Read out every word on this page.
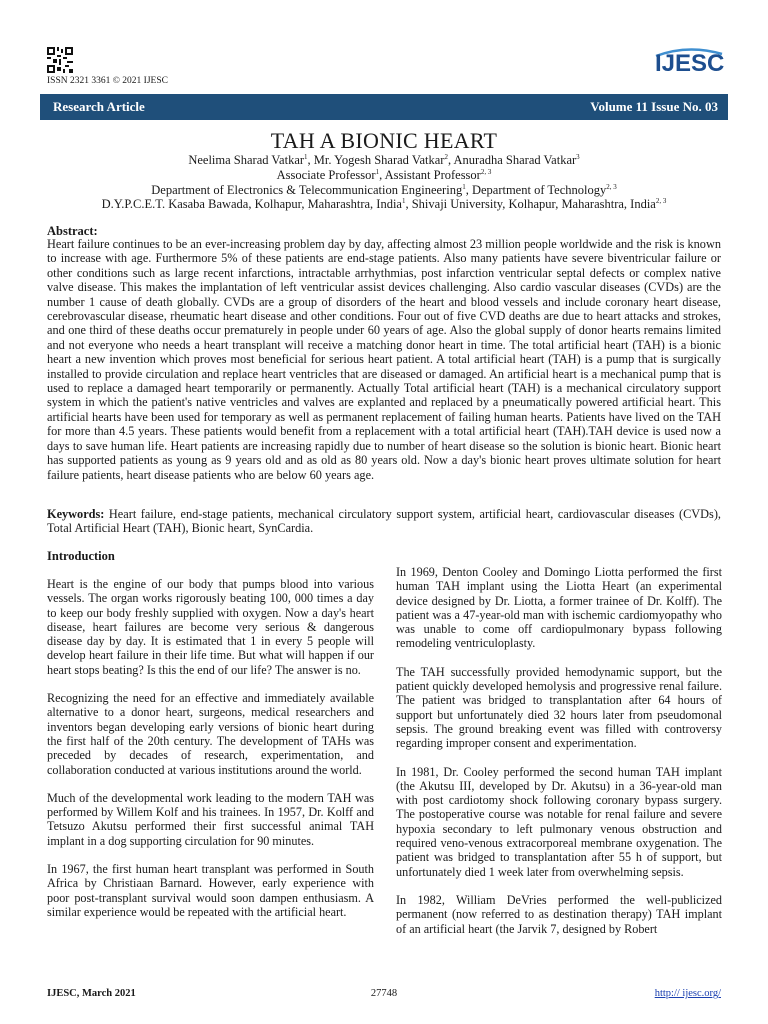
ISSN 2321 3361 © 2021 IJESC
IJESC
Research Article	Volume 11 Issue No. 03
TAH A BIONIC HEART
Neelima Sharad Vatkar$^1$, Mr. Yogesh Sharad Vatkar$^2$, Anuradha Sharad Vatkar$^3$
Associate Professor$^1$, Assistant Professor$^{2, 3}$
Department of Electronics & Telecommunication Engineering$^1$, Department of Technology$^{2, 3}$
D.Y.P.C.E.T. Kasaba Bawada, Kolhapur, Maharashtra, India$^1$, Shivaji University, Kolhapur, Maharashtra, India$^{2, 3}$
Abstract:
Heart failure continues to be an ever-increasing problem day by day, affecting almost 23 million people worldwide and the risk is known to increase with age. Furthermore 5% of these patients are end-stage patients. Also many patients have severe biventricular failure or other conditions such as large recent infarctions, intractable arrhythmias, post infarction ventricular septal defects or complex native valve disease. This makes the implantation of left ventricular assist devices challenging. Also cardio vascular diseases (CVDs) are the number 1 cause of death globally. CVDs are a group of disorders of the heart and blood vessels and include coronary heart disease, cerebrovascular disease, rheumatic heart disease and other conditions. Four out of five CVD deaths are due to heart attacks and strokes, and one third of these deaths occur prematurely in people under 60 years of age. Also the global supply of donor hearts remains limited and not everyone who needs a heart transplant will receive a matching donor heart in time. The total artificial heart (TAH) is a bionic heart a new invention which proves most beneficial for serious heart patient. A total artificial heart (TAH) is a pump that is surgically installed to provide circulation and replace heart ventricles that are diseased or damaged. An artificial heart is a mechanical pump that is used to replace a damaged heart temporarily or permanently. Actually Total artificial heart (TAH) is a mechanical circulatory support system in which the patient's native ventricles and valves are explanted and replaced by a pneumatically powered artificial heart. This artificial hearts have been used for temporary as well as permanent replacement of failing human hearts. Patients have lived on the TAH for more than 4.5 years. These patients would benefit from a replacement with a total artificial heart (TAH).TAH device is used now a days to save human life. Heart patients are increasing rapidly due to number of heart disease so the solution is bionic heart. Bionic heart has supported patients as young as 9 years old and as old as 80 years old. Now a day's bionic heart proves ultimate solution for heart failure patients, heart disease patients who are below 60 years age.
Keywords: Heart failure, end-stage patients, mechanical circulatory support system, artificial heart, cardiovascular diseases (CVDs), Total Artificial Heart (TAH), Bionic heart, SynCardia.
Introduction

Heart is the engine of our body that pumps blood into various vessels. The organ works rigorously beating 100, 000 times a day to keep our body freshly supplied with oxygen. Now a day's heart disease, heart failures are become very serious & dangerous disease day by day. It is estimated that 1 in every 5 people will develop heart failure in their life time. But what will happen if our heart stops beating? Is this the end of our life? The answer is no.

Recognizing the need for an effective and immediately available alternative to a donor heart, surgeons, medical researchers and inventors began developing early versions of bionic heart during the first half of the 20th century. The development of TAHs was preceded by decades of research, experimentation, and collaboration conducted at various institutions around the world.

Much of the developmental work leading to the modern TAH was performed by Willem Kolf and his trainees. In 1957, Dr. Kolff and Tetsuzo Akutsu performed their first successful animal TAH implant in a dog supporting circulation for 90 minutes.

In 1967, the first human heart transplant was performed in South Africa by Christiaan Barnard. However, early experience with poor post-transplant survival would soon dampen enthusiasm. A similar experience would be repeated with the artificial heart.

In 1969, Denton Cooley and Domingo Liotta performed the first human TAH implant using the Liotta Heart (an experimental device designed by Dr. Liotta, a former trainee of Dr. Kolff). The patient was a 47-year-old man with ischemic cardiomyopathy who was unable to come off cardiopulmonary bypass following remodeling ventriculoplasty.

The TAH successfully provided hemodynamic support, but the patient quickly developed hemolysis and progressive renal failure. The patient was bridged to transplantation after 64 hours of support but unfortunately died 32 hours later from pseudomonal sepsis. The ground breaking event was filled with controversy regarding improper consent and experimentation.

In 1981, Dr. Cooley performed the second human TAH implant (the Akutsu III, developed by Dr. Akutsu) in a 36-year-old man with post cardiotomy shock following coronary bypass surgery. The postoperative course was notable for renal failure and severe hypoxia secondary to left pulmonary venous obstruction and required veno-venous extracorporeal membrane oxygenation. The patient was bridged to transplantation after 55 h of support, but unfortunately died 1 week later from overwhelming sepsis.

In 1982, William DeVries performed the well-publicized permanent (now referred to as destination therapy) TAH implant of an artificial heart (the Jarvik 7, designed by Robert

IJESC, March 2021	27748	http:// ijesc.org/
